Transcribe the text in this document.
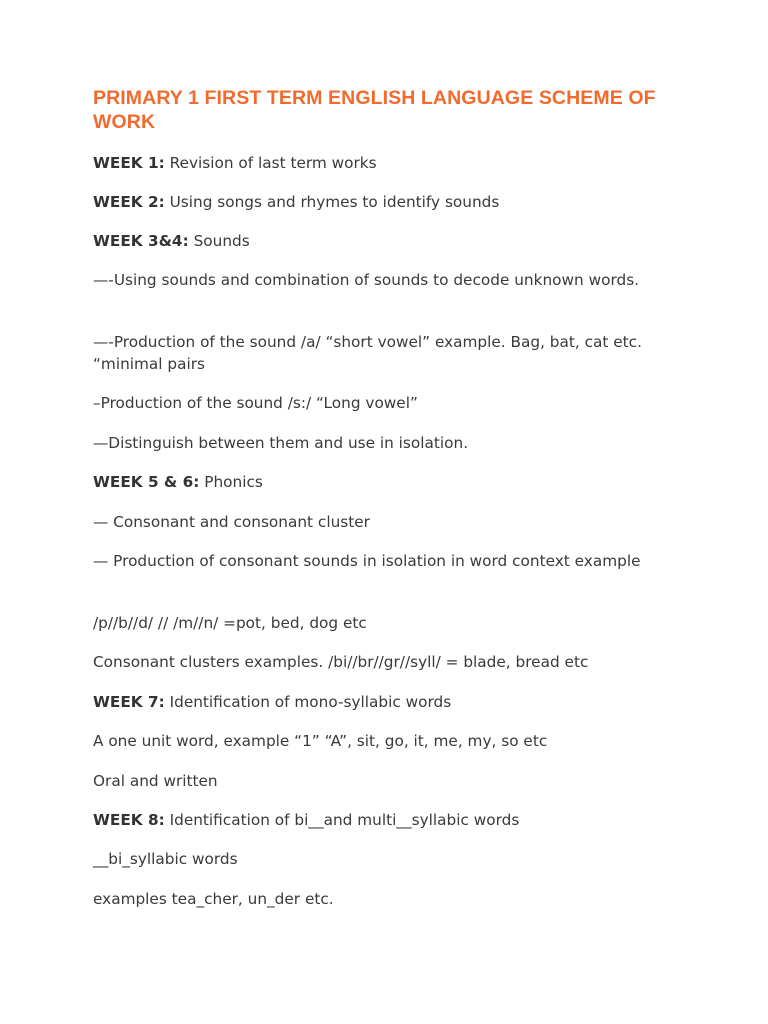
PRIMARY 1 FIRST TERM ENGLISH LANGUAGE SCHEME OF WORK

WEEK 1: Revision of last term works

WEEK 2: Using songs and rhymes to identify sounds

WEEK 3&4: Sounds

—-Using sounds and combination of sounds to decode unknown words.

—-Production of the sound /a/ “short vowel” example. Bag, bat, cat etc. “minimal pairs

–Production of the sound /s:/ “Long vowel”

—Distinguish between them and use in isolation.

WEEK 5 & 6: Phonics

— Consonant and consonant cluster

— Production of consonant sounds in isolation in word context example

/p//b//d/ // /m//n/ =pot, bed, dog etc

Consonant clusters examples. /bi//br//gr//syll/ = blade, bread etc

WEEK 7: Identification of mono-syllabic words

A one unit word, example “1” “A”, sit, go, it, me, my, so etc

Oral and written

WEEK 8: Identification of bi__and multi__syllabic words

__bi_syllabic words

examples tea_cher, un_der etc.
